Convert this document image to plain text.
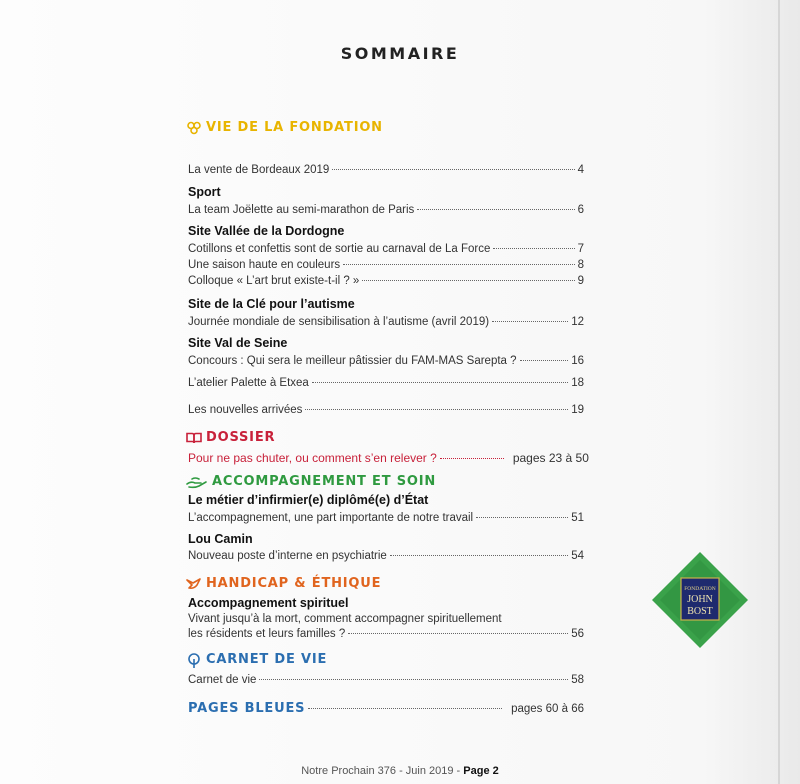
SOMMAIRE
VIE DE LA FONDATION
La vente de Bordeaux 2019	4
Sport
La team Joëlette au semi-marathon de Paris	6
Site Vallée de la Dordogne
Cotillons et confettis sont de sortie au carnaval de La Force	7
Une saison haute en couleurs	8
Colloque « L’art brut existe-t-il ? »	9
Site de la Clé pour l’autisme
Journée mondiale de sensibilisation à l’autisme (avril 2019)	12
Site Val de Seine
Concours : Qui sera le meilleur pâtissier du FAM-MAS Sarepta ?	16
L’atelier Palette à Etxea	18
Les nouvelles arrivées	19
DOSSIER
Pour ne pas chuter, ou comment s’en relever ?	pages 23 à 50
ACCOMPAGNEMENT ET SOIN
Le métier d’infirmier(e) diplômé(e) d’État
L’accompagnement, une part importante de notre travail	51
Lou Camin
Nouveau poste d’interne en psychiatrie	54
HANDICAP & ÉTHIQUE
Accompagnement spirituel
Vivant jusqu’à la mort, comment accompagner spirituellement
les résidents et leurs familles ?	56
CARNET DE VIE
Carnet de vie	58
PAGES BLEUES	pages 60 à 66
FONDATION
JOHN
BOST
Notre Prochain 376 - Juin 2019 - Page 2
